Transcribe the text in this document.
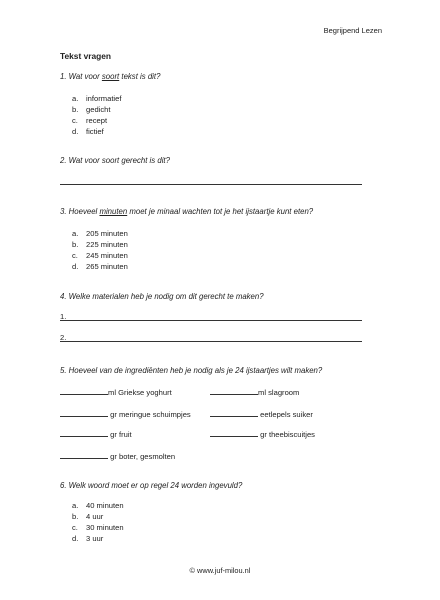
Begrijpend Lezen
Tekst vragen
1. Wat voor soort tekst is dit?
a. informatief
b. gedicht
c. recept
d. fictief
2. Wat voor soort gerecht is dit?
3. Hoeveel minuten moet je minaal wachten tot je het ijstaartje kunt eten?
a. 205 minuten
b. 225 minuten
c. 245 minuten
d. 265 minuten
4. Welke materialen heb je nodig om dit gerecht te maken?
1.
2.
5. Hoeveel van de ingrediënten heb je nodig als je 24 ijstaartjes wilt maken?
ml Griekse yoghurt	ml slagroom
gr meringue schuimpjes	eetlepels suiker
gr fruit	gr theebiscuitjes
gr boter, gesmolten
6. Welk woord moet er op regel 24 worden ingevuld?
a. 40 minuten
b. 4 uur
c. 30 minuten
d. 3 uur
© www.juf-milou.nl
